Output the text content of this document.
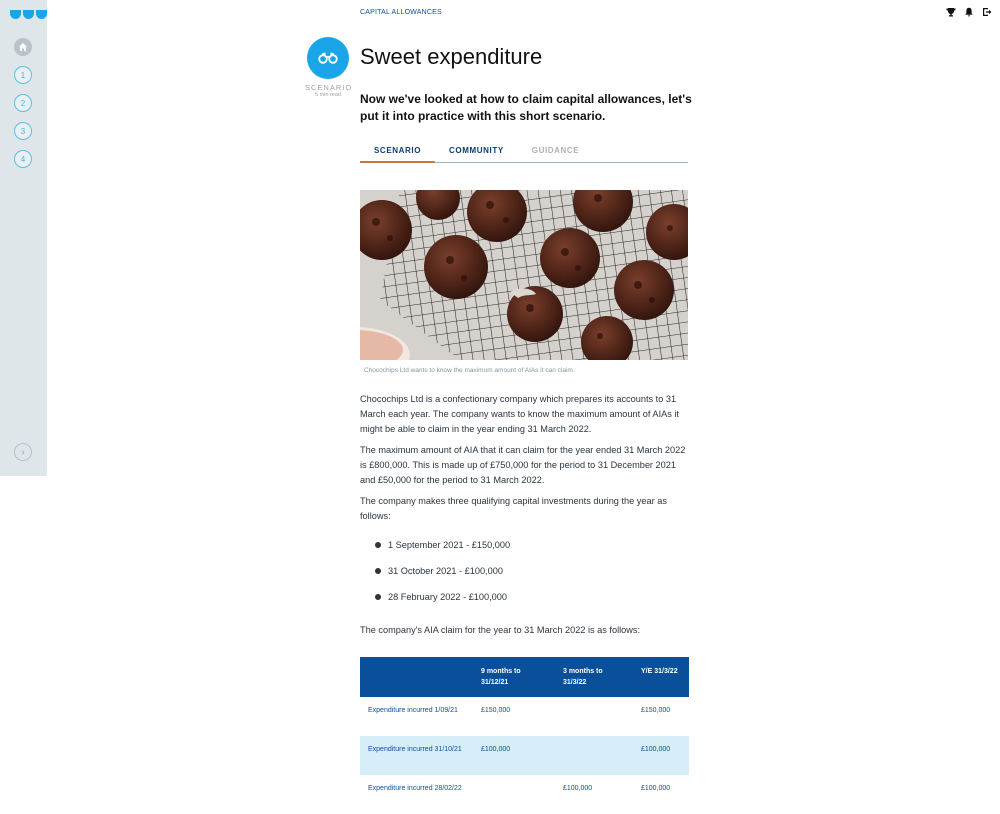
1
2
3
4
›
CAPITAL ALLOWANCES
SCENARIO
5 min read
Sweet expenditure

Now we've looked at how to claim capital allowances, let's put it into practice with this short scenario.

SCENARIO	COMMUNITY	GUIDANCE
Chocochips Ltd wants to know the maximum amount of AIAs it can claim.

Chocochips Ltd is a confectionary company which prepares its accounts to 31 March each year. The company wants to know the maximum amount of AIAs it might be able to claim in the year ending 31 March 2022.

The maximum amount of AIA that it can claim for the year ended 31 March 2022 is £800,000. This is made up of £750,000 for the period to 31 December 2021 and £50,000 for the period to 31 March 2022.

The company makes three qualifying capital investments during the year as follows:

1 September 2021 - £150,000
31 October 2021 - £100,000
28 February 2022 - £100,000

The company's AIA claim for the year to 31 March 2022 is as follows:

	9 months to 31/12/21	3 months to 31/3/22	Y/E 31/3/22
Expenditure incurred 1/09/21	£150,000		£150,000
Expenditure incurred 31/10/21	£100,000		£100,000
Expenditure incurred 28/02/22		£100,000	£100,000
